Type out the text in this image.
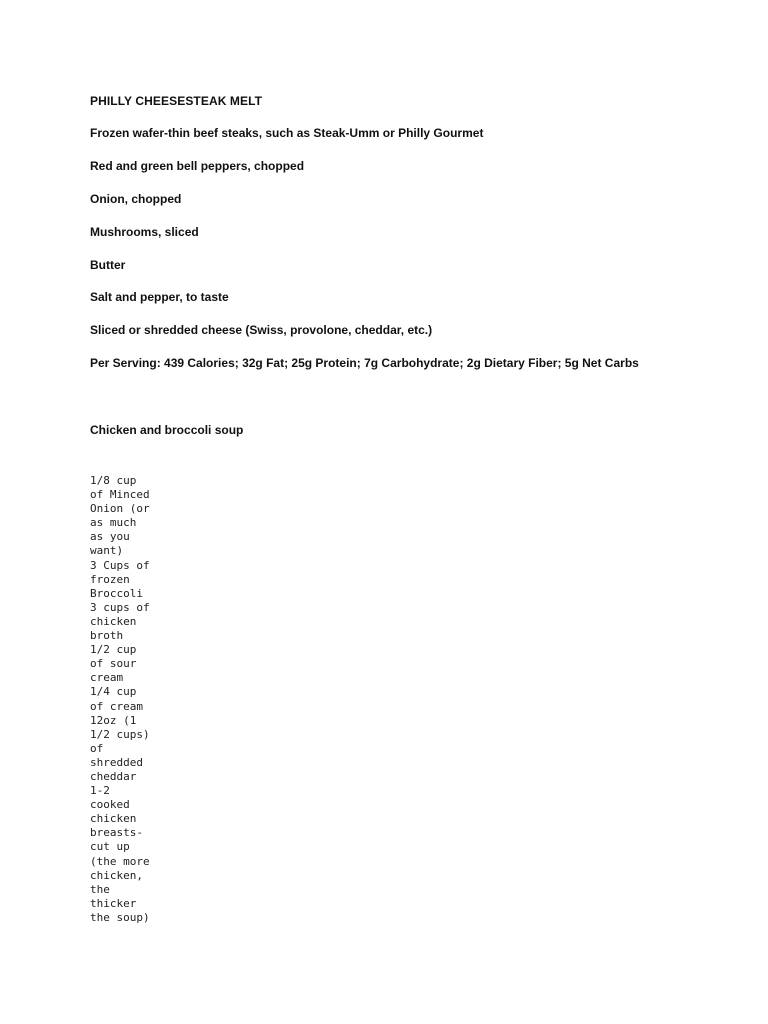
PHILLY CHEESESTEAK MELT
Frozen wafer-thin beef steaks, such as Steak-Umm or Philly Gourmet
Red and green bell peppers, chopped
Onion, chopped
Mushrooms, sliced
Butter
Salt and pepper, to taste
Sliced or shredded cheese (Swiss, provolone, cheddar, etc.)
Per Serving: 439 Calories; 32g Fat; 25g Protein; 7g Carbohydrate; 2g Dietary Fiber; 5g Net Carbs
Chicken and broccoli soup
1/8 cup
of Minced
Onion (or
as much
as you
want)
3 Cups of
frozen
Broccoli
3 cups of
chicken
broth
1/2 cup
of sour
cream
1/4 cup
of cream
12oz (1
1/2 cups)
of
shredded
cheddar
1-2
cooked
chicken
breasts-
cut up
(the more
chicken,
the
thicker
the soup)
